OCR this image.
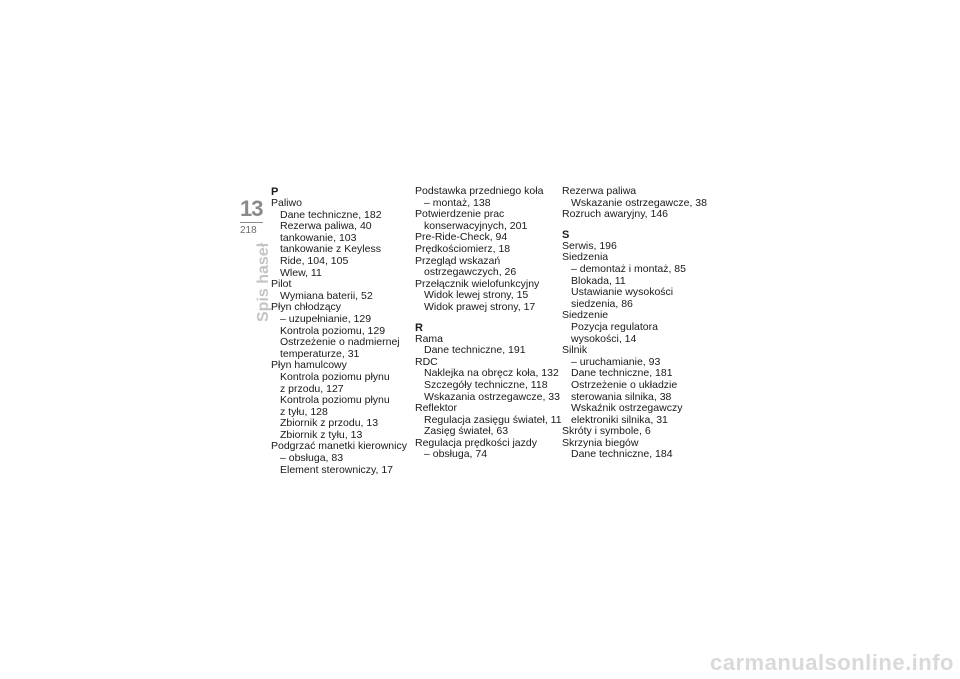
13
218
Spis haseł
P
Paliwo
Dane techniczne, 182
Rezerwa paliwa, 40
tankowanie, 103
tankowanie z Keyless
Ride, 104, 105
Wlew, 11
Pilot
Wymiana baterii, 52
Płyn chłodzący
– uzupełnianie, 129
Kontrola poziomu, 129
Ostrzeżenie o nadmiernej
temperaturze, 31
Płyn hamulcowy
Kontrola poziomu płynu
z przodu, 127
Kontrola poziomu płynu
z tyłu, 128
Zbiornik z przodu, 13
Zbiornik z tyłu, 13
Podgrzać manetki kierownicy
– obsługa, 83
Element sterowniczy, 17
Podstawka przedniego koła
– montaż, 138
Potwierdzenie prac
konserwacyjnych, 201
Pre-Ride-Check, 94
Prędkościomierz, 18
Przegląd wskazań
ostrzegawczych, 26
Przełącznik wielofunkcyjny
Widok lewej strony, 15
Widok prawej strony, 17
R
Rama
Dane techniczne, 191
RDC
Naklejka na obręcz koła, 132
Szczegóły techniczne, 118
Wskazania ostrzegawcze, 33
Reflektor
Regulacja zasięgu świateł, 11
Zasięg świateł, 63
Regulacja prędkości jazdy
– obsługa, 74
Rezerwa paliwa
Wskazanie ostrzegawcze, 38
Rozruch awaryjny, 146
S
Serwis, 196
Siedzenia
– demontaż i montaż, 85
Blokada, 11
Ustawianie wysokości
siedzenia, 86
Siedzenie
Pozycja regulatora
wysokości, 14
Silnik
– uruchamianie, 93
Dane techniczne, 181
Ostrzeżenie o układzie
sterowania silnika, 38
Wskaźnik ostrzegawczy
elektroniki silnika, 31
Skróty i symbole, 6
Skrzynia biegów
Dane techniczne, 184
carmanualsonline.info
